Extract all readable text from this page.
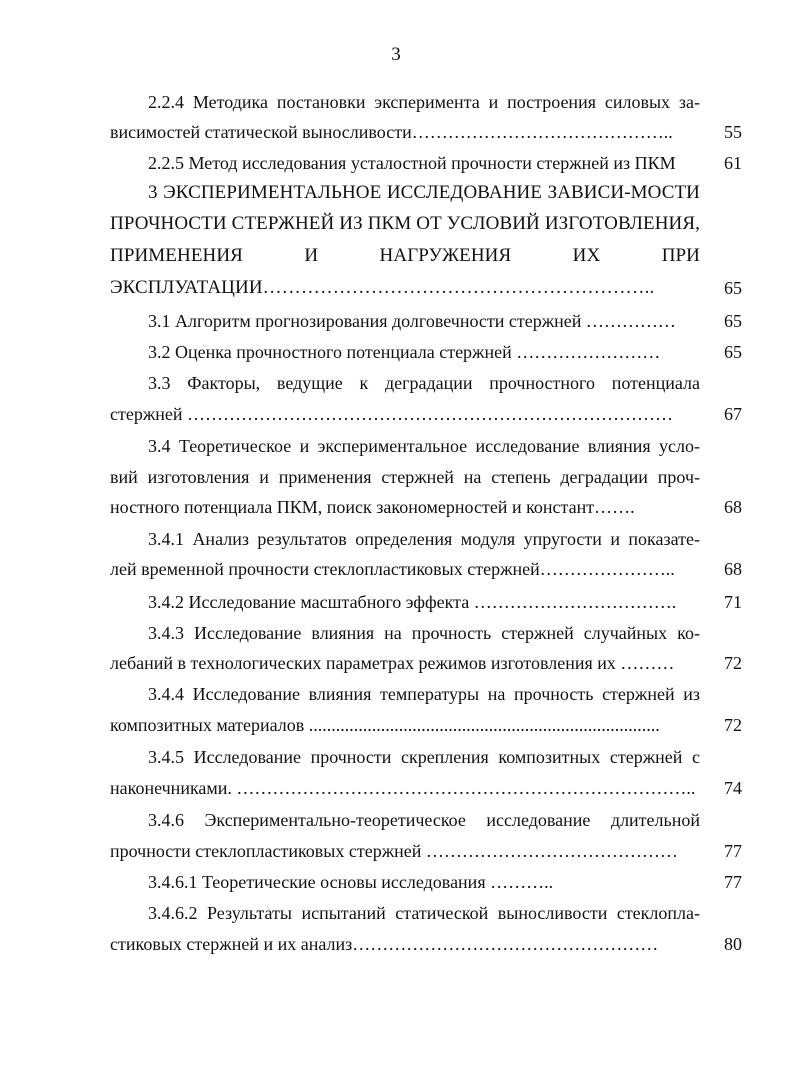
3
2.2.4 Методика постановки эксперимента и построения силовых за-
висимостей статической выносливости……………………………………..	55
2.2.5 Метод исследования усталостной прочности стержней из ПКМ	61
3 ЭКСПЕРИМЕНТАЛЬНОЕ ИССЛЕДОВАНИЕ ЗАВИСИ-МОСТИ
ПРОЧНОСТИ СТЕРЖНЕЙ ИЗ ПКМ ОТ УСЛОВИЙ ИЗГОТОВЛЕНИЯ,
ПРИМЕНЕНИЯ И НАГРУЖЕНИЯ ИХ ПРИ
ЭКСПЛУАТАЦИИ……………………………………………………..	65
3.1 Алгоритм прогнозирования долговечности стержней ……………	65
3.2 Оценка прочностного потенциала стержней ……………………	65
3.3 Факторы, ведущие к деградации прочностного потенциала
стержней ………………………………………………………………………	67
3.4 Теоретическое и экспериментальное исследование влияния усло-
вий изготовления и применения стержней на степень деградации проч-
ностного потенциала ПКМ, поиск закономерностей и констант…….	68
3.4.1 Анализ результатов определения модуля упругости и показате-
лей временной прочности стеклопластиковых стержней…………………..	68
3.4.2 Исследование масштабного эффекта …………………………….	71
3.4.3 Исследование влияния на прочность стержней случайных ко-
лебаний в технологических параметрах режимов изготовления их ………	72
3.4.4 Исследование влияния температуры на прочность стержней из
композитных материалов ..............................................................................	72
3.4.5 Исследование прочности скрепления композитных стержней с
наконечниками. …………………………………………………………………..	74
3.4.6 Экспериментально-теоретическое исследование длительной
прочности стеклопластиковых стержней ……………………………………	77
3.4.6.1 Теоретические основы исследования ………..	77
3.4.6.2 Результаты испытаний статической выносливости стеклопла-
стиковых стержней и их анализ……………………………………………	80
